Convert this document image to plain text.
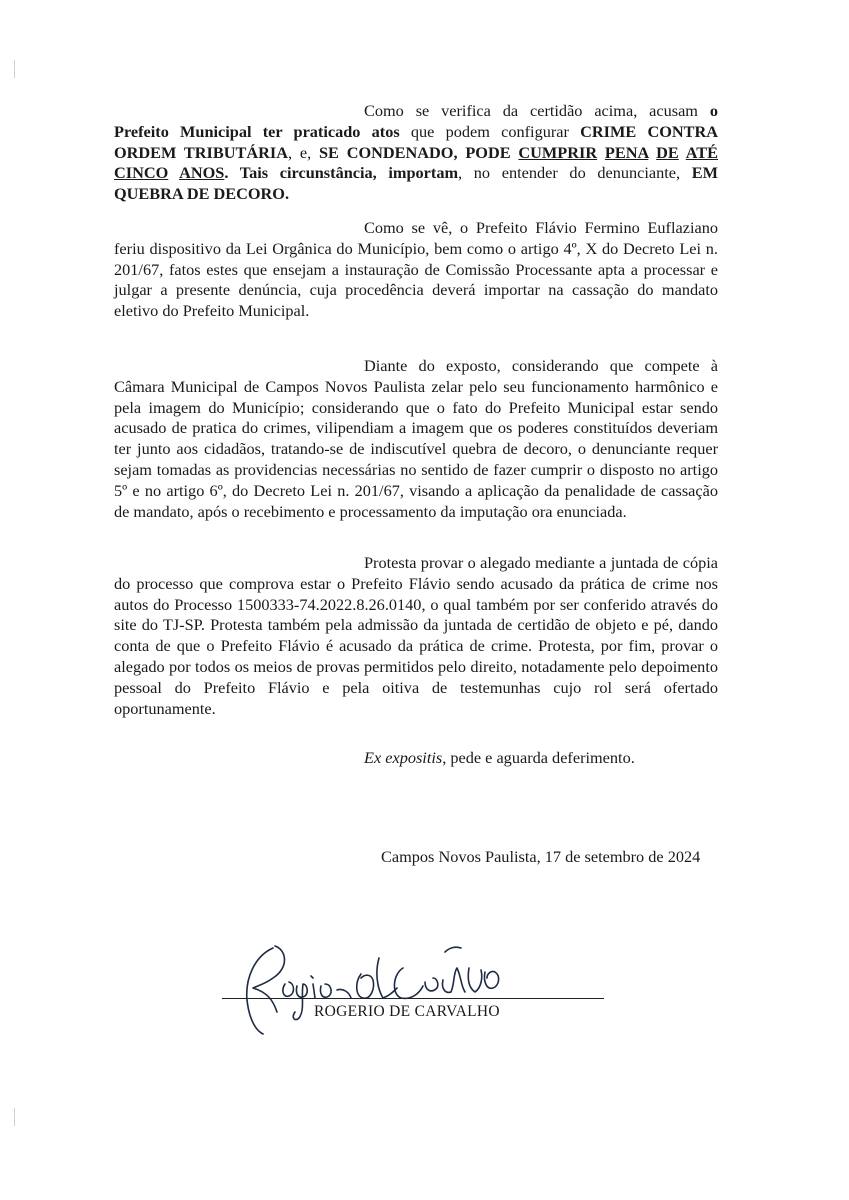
Como se verifica da certidão acima, acusam o Prefeito Municipal ter praticado atos que podem configurar CRIME CONTRA ORDEM TRIBUTÁRIA, e, SE CONDENADO, PODE CUMPRIR PENA DE ATÉ CINCO ANOS. Tais circunstância, importam, no entender do denunciante, EM QUEBRA DE DECORO.

Como se vê, o Prefeito Flávio Fermino Euflaziano feriu dispositivo da Lei Orgânica do Município, bem como o artigo 4º, X do Decreto Lei n. 201/67, fatos estes que ensejam a instauração de Comissão Processante apta a processar e julgar a presente denúncia, cuja procedência deverá importar na cassação do mandato eletivo do Prefeito Municipal.

Diante do exposto, considerando que compete à Câmara Municipal de Campos Novos Paulista zelar pelo seu funcionamento harmônico e pela imagem do Município; considerando que o fato do Prefeito Municipal estar sendo acusado de pratica do crimes, vilipendiam a imagem que os poderes constituídos deveriam ter junto aos cidadãos, tratando-se de indiscutível quebra de decoro, o denunciante requer sejam tomadas as providencias necessárias no sentido de fazer cumprir o disposto no artigo 5º e no artigo 6º, do Decreto Lei n. 201/67, visando a aplicação da penalidade de cassação de mandato, após o recebimento e processamento da imputação ora enunciada.

Protesta provar o alegado mediante a juntada de cópia do processo que comprova estar o Prefeito Flávio sendo acusado da prática de crime nos autos do Processo 1500333-74.2022.8.26.0140, o qual também por ser conferido através do site do TJ-SP. Protesta também pela admissão da juntada de certidão de objeto e pé, dando conta de que o Prefeito Flávio é acusado da prática de crime. Protesta, por fim, provar o alegado por todos os meios de provas permitidos pelo direito, notadamente pelo depoimento pessoal do Prefeito Flávio e pela oitiva de testemunhas cujo rol será ofertado oportunamente.

Ex expositis, pede e aguarda deferimento.

Campos Novos Paulista, 17 de setembro de 2024

ROGERIO DE CARVALHO
